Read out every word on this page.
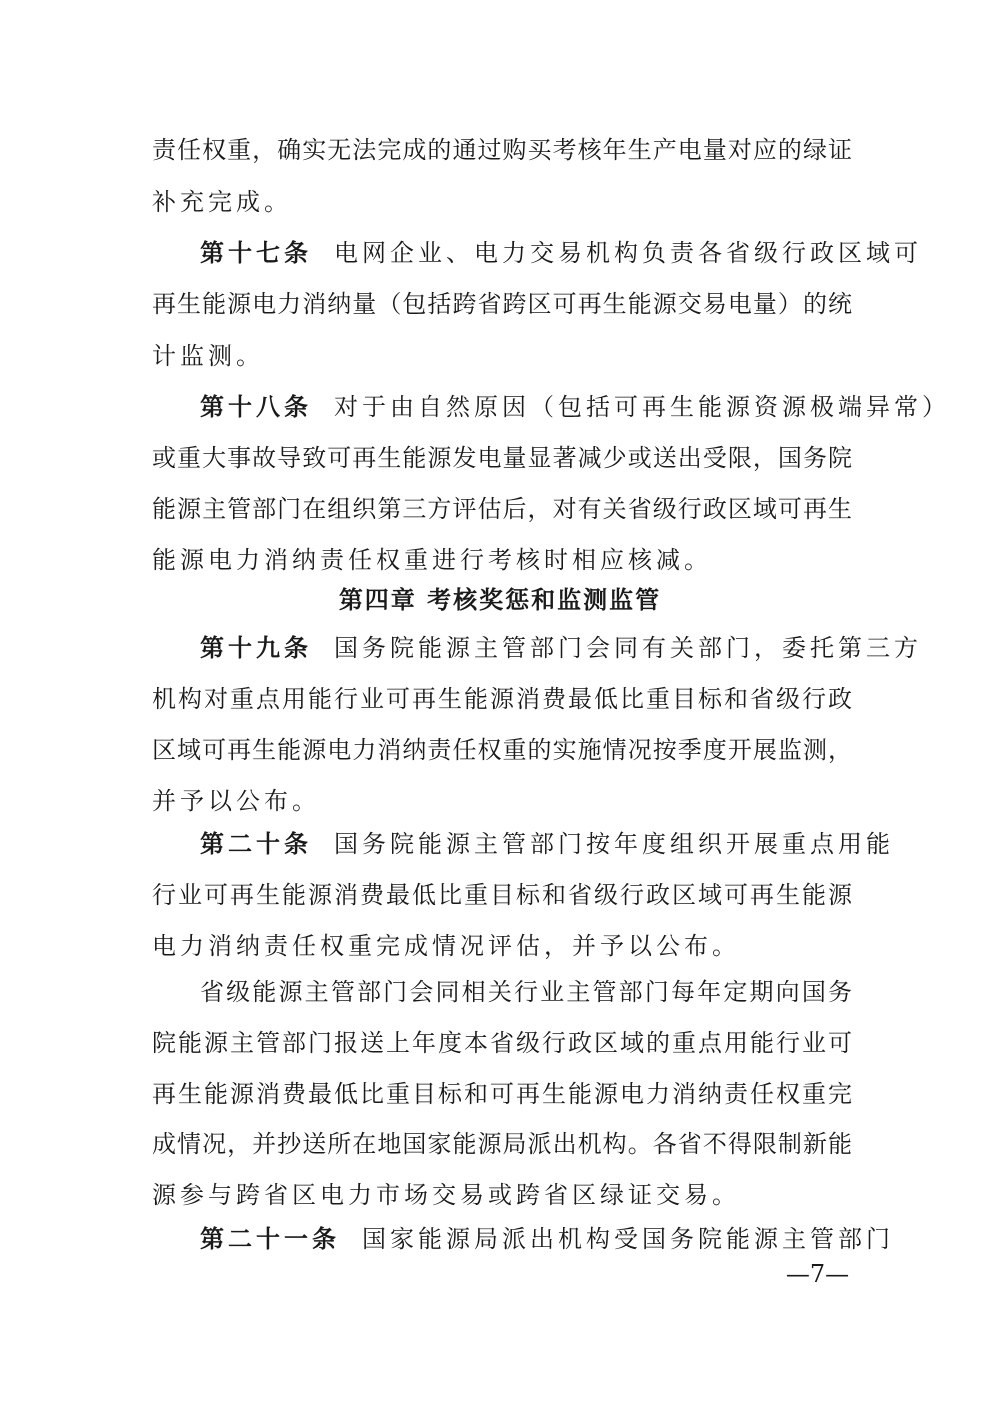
责任权重，确实无法完成的通过购买考核年生产电量对应的绿证
补充完成。
第十七条 电网企业、电力交易机构负责各省级行政区域可
再生能源电力消纳量（包括跨省跨区可再生能源交易电量）的统
计监测。
第十八条 对于由自然原因（包括可再生能源资源极端异常）
或重大事故导致可再生能源发电量显著减少或送出受限，国务院
能源主管部门在组织第三方评估后，对有关省级行政区域可再生
能源电力消纳责任权重进行考核时相应核减。
第四章 考核奖惩和监测监管
第十九条 国务院能源主管部门会同有关部门，委托第三方
机构对重点用能行业可再生能源消费最低比重目标和省级行政
区域可再生能源电力消纳责任权重的实施情况按季度开展监测，
并予以公布。
第二十条 国务院能源主管部门按年度组织开展重点用能
行业可再生能源消费最低比重目标和省级行政区域可再生能源
电力消纳责任权重完成情况评估，并予以公布。
省级能源主管部门会同相关行业主管部门每年定期向国务
院能源主管部门报送上年度本省级行政区域的重点用能行业可
再生能源消费最低比重目标和可再生能源电力消纳责任权重完
成情况，并抄送所在地国家能源局派出机构。各省不得限制新能
源参与跨省区电力市场交易或跨省区绿证交易。
第二十一条 国家能源局派出机构受国务院能源主管部门
—7—
